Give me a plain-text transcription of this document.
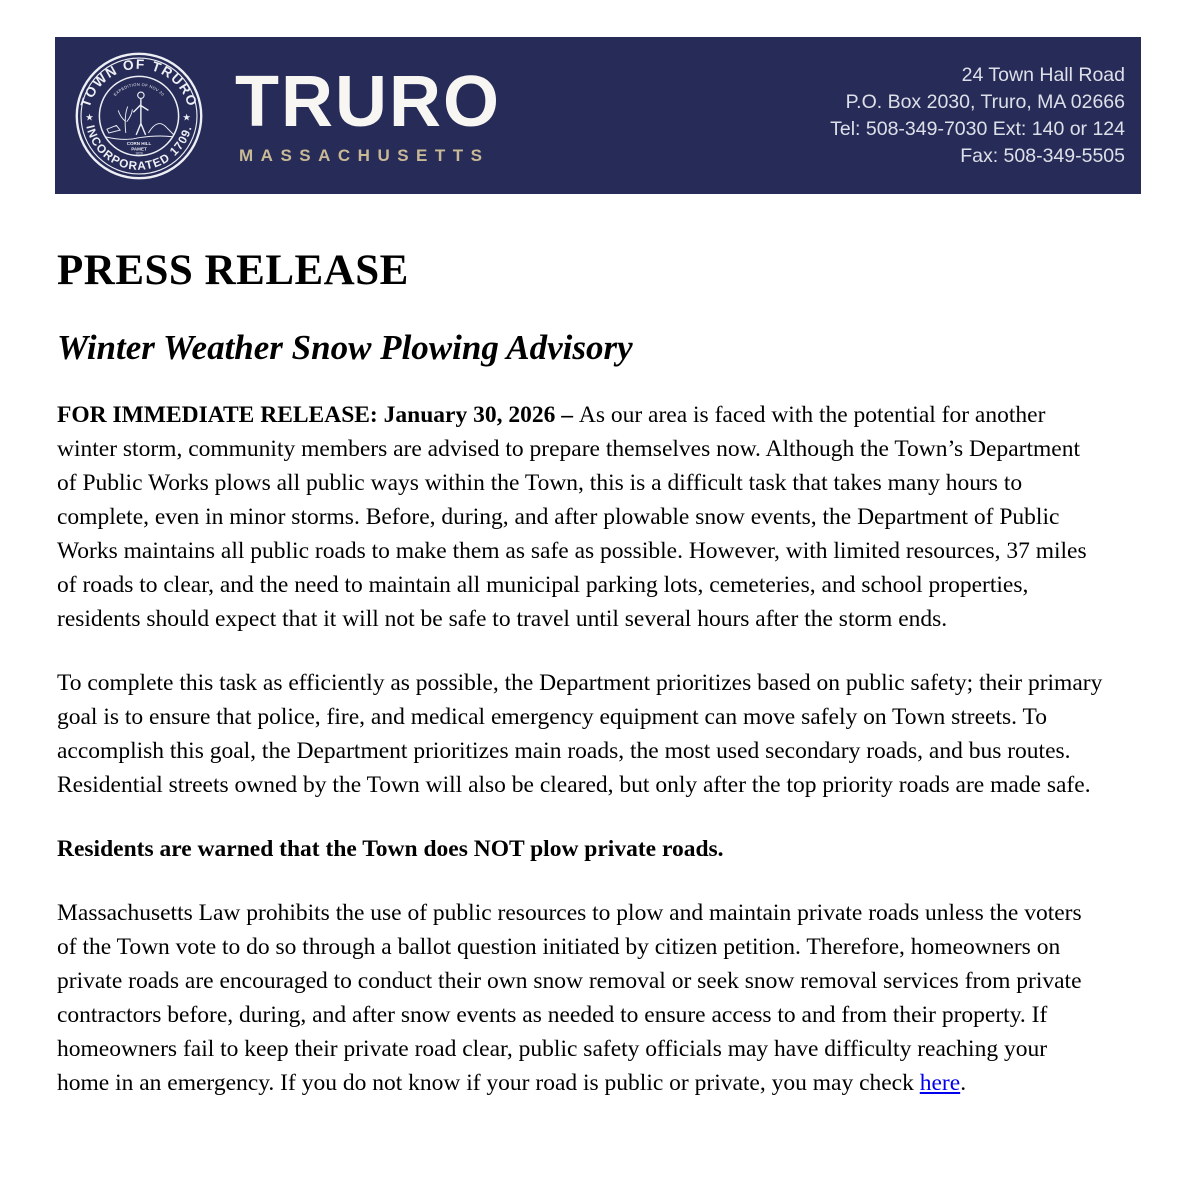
TOWN OF TRURO
INCORPORATED 1709.
★	★
EXPEDITION OF NOV 20
CORN HILL
PAMET
1620
TRURO
MASSACHUSETTS
24 Town Hall Road
P.O. Box 2030, Truro, MA 02666
Tel: 508-349-7030 Ext: 140 or 124
Fax: 508-349-5505
PRESS RELEASE
Winter Weather Snow Plowing Advisory

FOR IMMEDIATE RELEASE: January 30, 2026 – As our area is faced with the potential for another winter storm, community members are advised to prepare themselves now. Although the Town’s Department of Public Works plows all public ways within the Town, this is a difficult task that takes many hours to complete, even in minor storms. Before, during, and after plowable snow events, the Department of Public Works maintains all public roads to make them as safe as possible. However, with limited resources, 37 miles of roads to clear, and the need to maintain all municipal parking lots, cemeteries, and school properties, residents should expect that it will not be safe to travel until several hours after the storm ends.

To complete this task as efficiently as possible, the Department prioritizes based on public safety; their primary goal is to ensure that police, fire, and medical emergency equipment can move safely on Town streets. To accomplish this goal, the Department prioritizes main roads, the most used secondary roads, and bus routes. Residential streets owned by the Town will also be cleared, but only after the top priority roads are made safe.

Residents are warned that the Town does NOT plow private roads.

Massachusetts Law prohibits the use of public resources to plow and maintain private roads unless the voters of the Town vote to do so through a ballot question initiated by citizen petition. Therefore, homeowners on private roads are encouraged to conduct their own snow removal or seek snow removal services from private contractors before, during, and after snow events as needed to ensure access to and from their property. If homeowners fail to keep their private road clear, public safety officials may have difficulty reaching your home in an emergency. If you do not know if your road is public or private, you may check here.
